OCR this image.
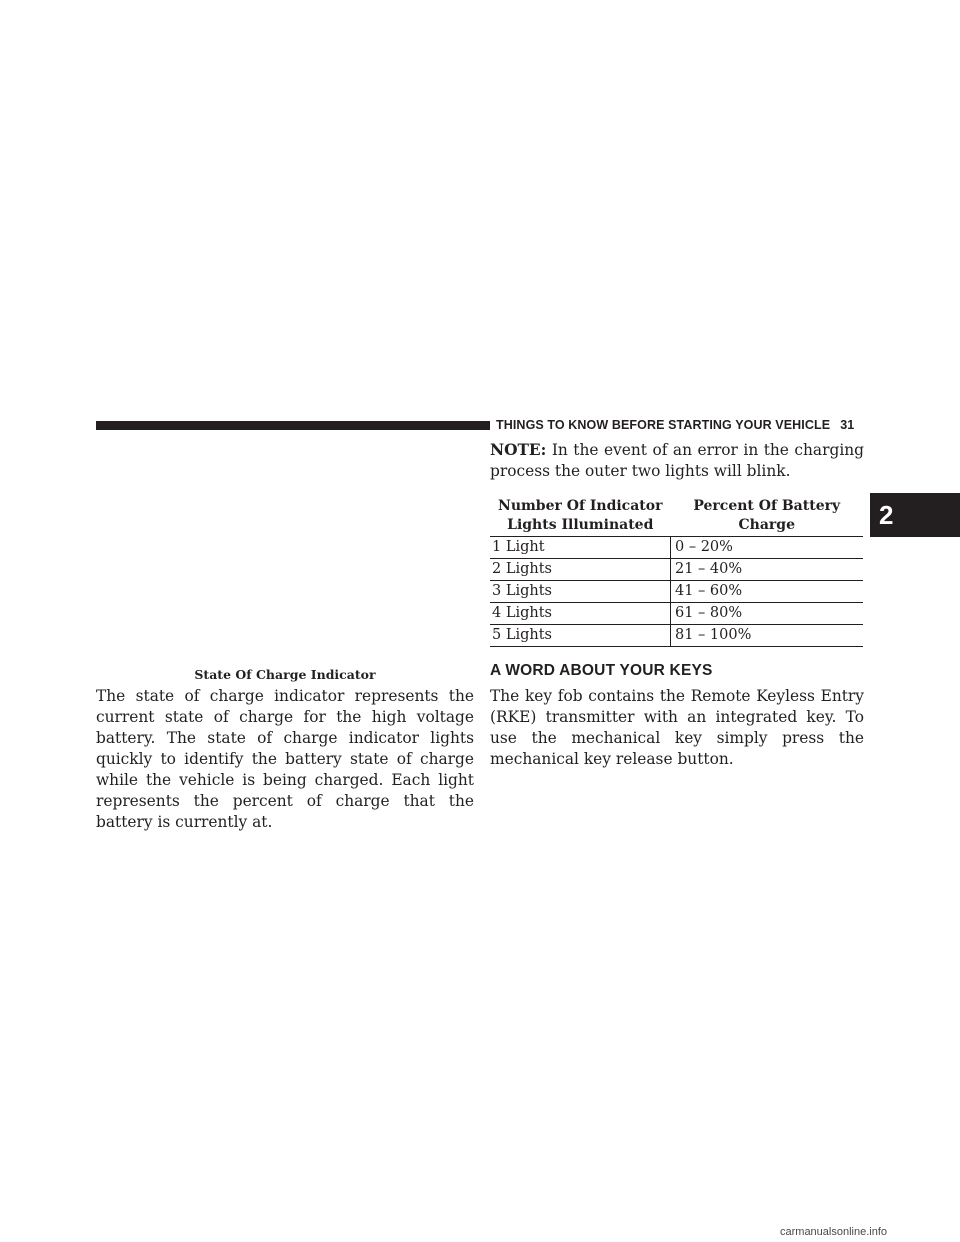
THINGS TO KNOW BEFORE STARTING YOUR VEHICLE 31
2
State Of Charge Indicator
The state of charge indicator represents the current state of charge for the high voltage battery. The state of charge indicator lights quickly to identify the battery state of charge while the vehicle is being charged. Each light represents the percent of charge that the battery is currently at.
NOTE: In the event of an error in the charging process the outer two lights will blink.
Number Of Indicator Lights Illuminated	Percent Of Battery Charge
1 Light	0 – 20%
2 Lights	21 – 40%
3 Lights	41 – 60%
4 Lights	61 – 80%
5 Lights	81 – 100%
A WORD ABOUT YOUR KEYS
The key fob contains the Remote Keyless Entry (RKE) transmitter with an integrated key. To use the mechanical key simply press the mechanical key release button.
carmanualsonline.info
